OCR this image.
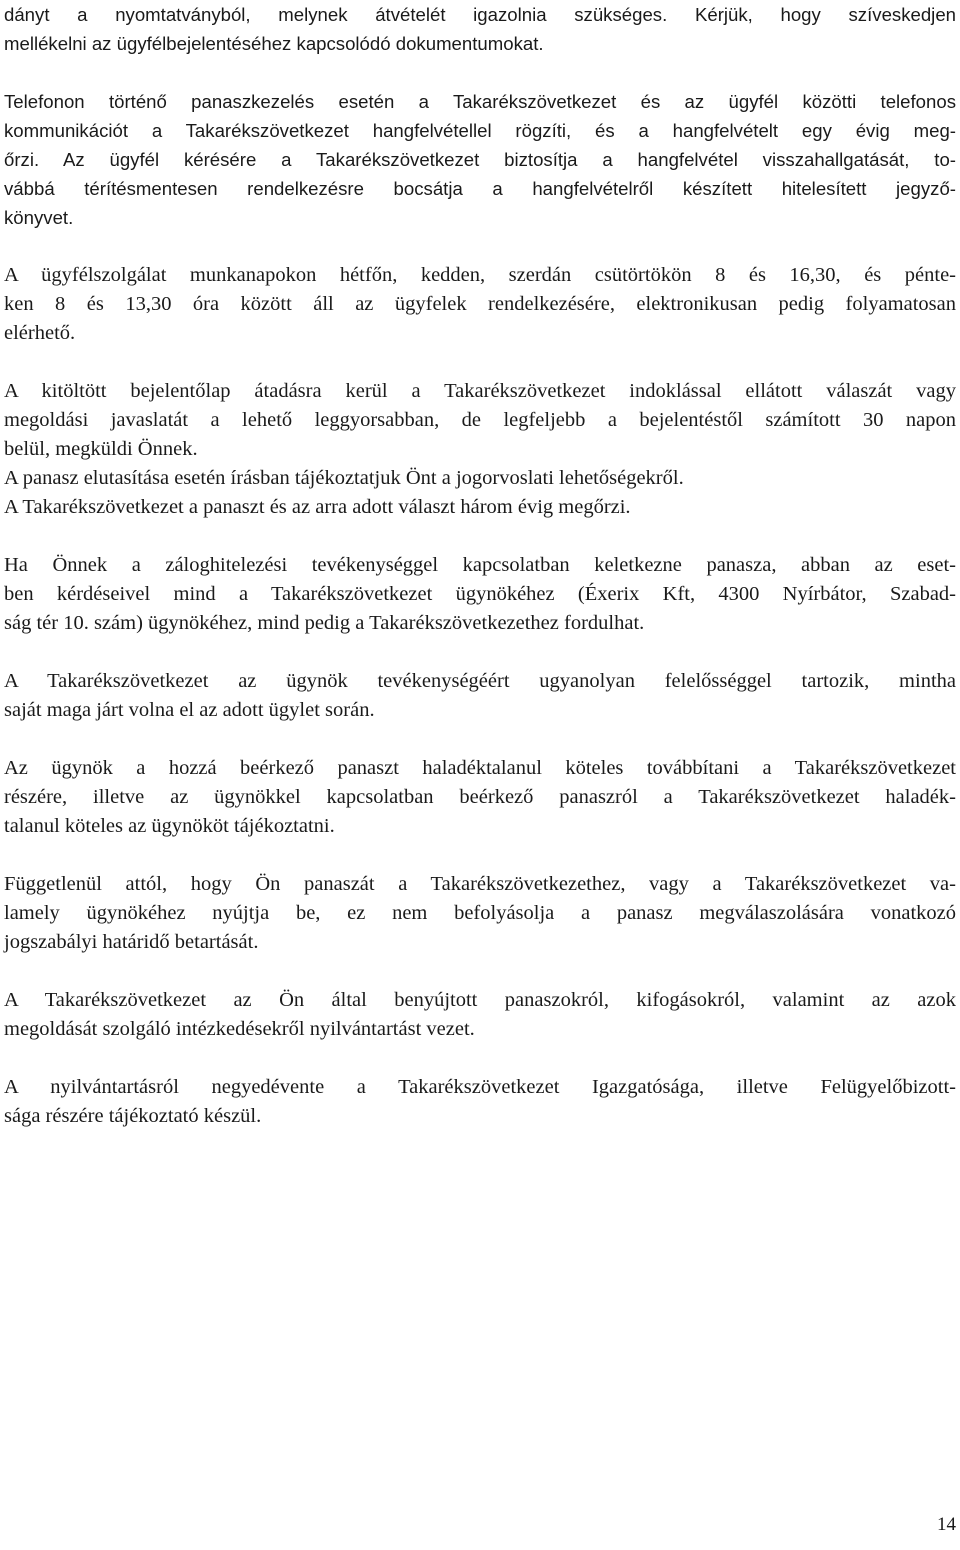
dányt a nyomtatványból, melynek átvételét igazolnia szükséges. Kérjük, hogy szíveskedjen
mellékelni az ügyfélbejelentéséhez kapcsolódó dokumentumokat.
Telefonon történő panaszkezelés esetén a Takarékszövetkezet és az ügyfél közötti telefonos
kommunikációt a Takarékszövetkezet hangfelvétellel rögzíti, és a hangfelvételt egy évig meg-
őrzi. Az ügyfél kérésére a Takarékszövetkezet biztosítja a hangfelvétel visszahallgatását, to-
vábbá térítésmentesen rendelkezésre bocsátja a hangfelvételről készített hitelesített jegyző-
könyvet.
A ügyfélszolgálat munkanapokon hétfőn, kedden, szerdán csütörtökön 8 és 16,30, és pénte-
ken 8 és 13,30 óra között áll az ügyfelek rendelkezésére, elektronikusan pedig folyamatosan
elérhető.
A kitöltött bejelentőlap átadásra kerül a Takarékszövetkezet indoklással ellátott válaszát vagy
megoldási javaslatát a lehető leggyorsabban, de legfeljebb a bejelentéstől számított 30 napon
belül, megküldi Önnek.
A panasz elutasítása esetén írásban tájékoztatjuk Önt a jogorvoslati lehetőségekről.
A Takarékszövetkezet a panaszt és az arra adott választ három évig megőrzi.
Ha Önnek a záloghitelezési tevékenységgel kapcsolatban keletkezne panasza, abban az eset-
ben kérdéseivel mind a Takarékszövetkezet ügynökéhez (Éxerix Kft, 4300 Nyírbátor, Szabad-
ság tér 10. szám) ügynökéhez, mind pedig a Takarékszövetkezethez fordulhat.
A Takarékszövetkezet az ügynök tevékenységéért ugyanolyan felelősséggel tartozik, mintha
saját maga járt volna el az adott ügylet során.
Az ügynök a hozzá beérkező panaszt haladéktalanul köteles továbbítani a Takarékszövetkezet
részére, illetve az ügynökkel kapcsolatban beérkező panaszról a Takarékszövetkezet haladék-
talanul köteles az ügynököt tájékoztatni.
Függetlenül attól, hogy Ön panaszát a Takarékszövetkezethez, vagy a Takarékszövetkezet va-
lamely ügynökéhez nyújtja be, ez nem befolyásolja a panasz megválaszolására vonatkozó
jogszabályi határidő betartását.
A Takarékszövetkezet az Ön által benyújtott panaszokról, kifogásokról, valamint az azok
megoldását szolgáló intézkedésekről nyilvántartást vezet.
A nyilvántartásról negyedévente a Takarékszövetkezet Igazgatósága, illetve Felügyelőbizott-
sága részére tájékoztató készül.
14
